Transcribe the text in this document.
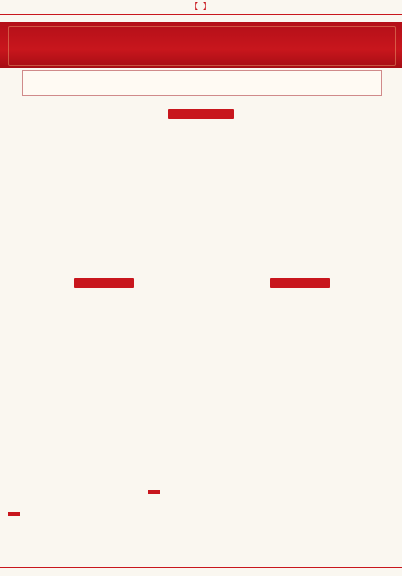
【 】
